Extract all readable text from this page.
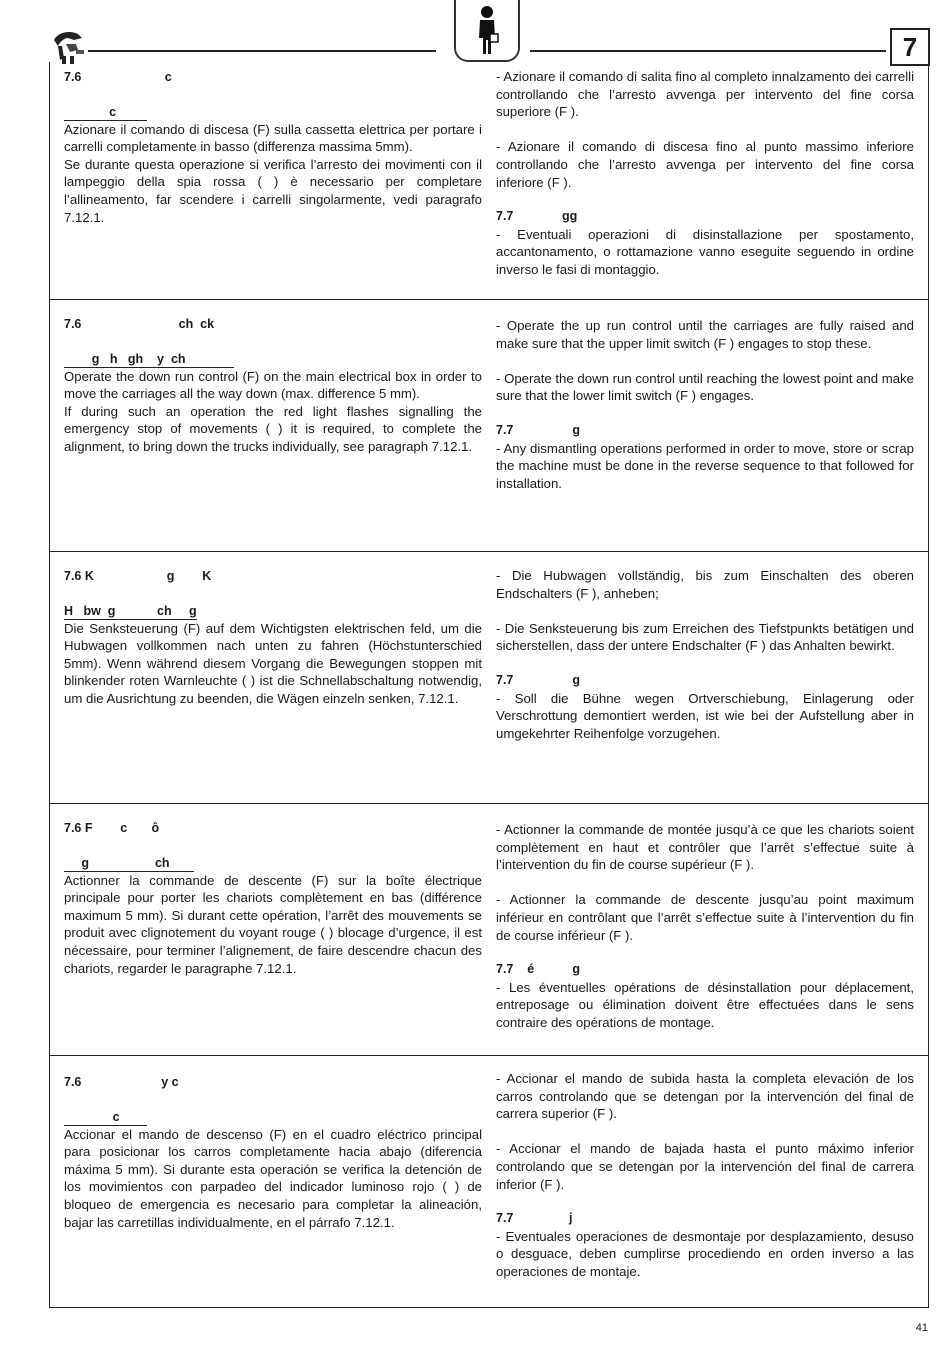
7
7.6                        c
c

Azionare il comando di discesa (F) sulla cassetta elettrica per portare i carrelli completamente in basso (differenza massima 5mm).

Se durante questa operazione si verifica l’arresto dei movimenti con il lampeggio della spia rossa ( ) è necessario per completare l’allineamento, far scendere i carrelli singolarmente, vedi paragrafo 7.12.1.

- Azionare il comando di salita fino al completo innalzamento dei carrelli controllando che l’arresto avvenga per intervento del fine corsa superiore (F ).

- Azionare il comando di discesa fino al punto massimo inferiore controllando che l’arresto avvenga per intervento del fine corsa inferiore (F ).

7.7              gg

- Eventuali operazioni di disinstallazione per spostamento, accantonamento, o rottamazione vanno eseguite seguendo in ordine inverso le fasi di montaggio.

7.6                            ch  ck
g   h   gh    y  ch

Operate the down run control (F) on the main electrical box in order to move the carriages all the way down (max. difference 5 mm).

If during such an operation the red light flashes signalling the emergency stop of movements ( ) it is required, to complete the alignment, to bring down the trucks individually, see paragraph 7.12.1.

- Operate the up run control until the carriages are fully raised and make sure that the upper limit switch (F ) engages to stop these.

- Operate the down run control until reaching the lowest point and make sure that the lower limit switch (F ) engages.

7.7                 g

- Any dismantling operations performed in order to move, store or scrap the machine must be done in the reverse sequence to that followed for installation.

7.6 K                     g        K
H   bw  g            ch     g

Die Senksteuerung (F) auf dem Wichtigsten elektrischen feld, um die Hubwagen vollkommen nach unten zu fahren (Höchstunterschied 5mm). Wenn während diesem Vorgang die Bewegungen stoppen mit blinkender roten Warnleuchte ( ) ist die Schnellabschaltung notwendig, um die Ausrichtung zu beenden, die Wägen einzeln senken, 7.12.1.

- Die Hubwagen vollständig, bis zum Einschalten des oberen Endschalters (F ), anheben;

- Die Senksteuerung bis zum Erreichen des Tiefstpunkts betätigen und sicherstellen, dass der untere Endschalter (F ) das Anhalten bewirkt.

7.7                 g

- Soll die Bühne wegen Ortverschiebung, Einlagerung oder Verschrottung demontiert werden, ist wie bei der Aufstellung aber in umgekehrter Reihenfolge vorzugehen.

7.6 F        c       ô
g                   ch

Actionner la commande de descente (F) sur la boîte électrique principale pour porter les chariots complètement en bas (différence maximum 5 mm). Si durant cette opération, l’arrêt des mouvements se produit avec clignotement du voyant rouge ( ) blocage d’urgence, il est nécessaire, pour terminer l’alignement, de faire descendre chacun des chariots, regarder le paragraphe 7.12.1.

- Actionner la commande de montée jusqu’à ce que les chariots soient complètement en haut et contrôler que l’arrêt s’effectue suite à l’intervention du fin de course supérieur (F ).

- Actionner la commande de descente jusqu’au point maximum inférieur en contrôlant que l’arrêt s’effectue suite à l’intervention du fin de course inférieur (F ).

7.7    é           g

- Les éventuelles opérations de désinstallation pour déplacement, entreposage ou élimination doivent être effectuées dans le sens contraire des opérations de montage.

7.6                       y c
c

Accionar el mando de descenso (F) en el cuadro eléctrico principal para posicionar los carros completamente hacia abajo (diferencia máxima 5 mm). Si durante esta operación se verifica la detención de los movimientos con parpadeo del indicador luminoso rojo ( ) de bloqueo de emergencia es necesario para completar la alineación, bajar las carretillas individualmente, en el párrafo 7.12.1.

- Accionar el mando de subida hasta la completa elevación de los carros controlando que se detengan por la intervención del final de carrera superior (F ).

- Accionar el mando de bajada hasta el punto máximo inferior controlando que se detengan por la intervención del final de carrera inferior (F ).

7.7                j

- Eventuales operaciones de desmontaje por desplazamiento, desuso o desguace, deben cumplirse procediendo en orden inverso a las operaciones de montaje.

41
